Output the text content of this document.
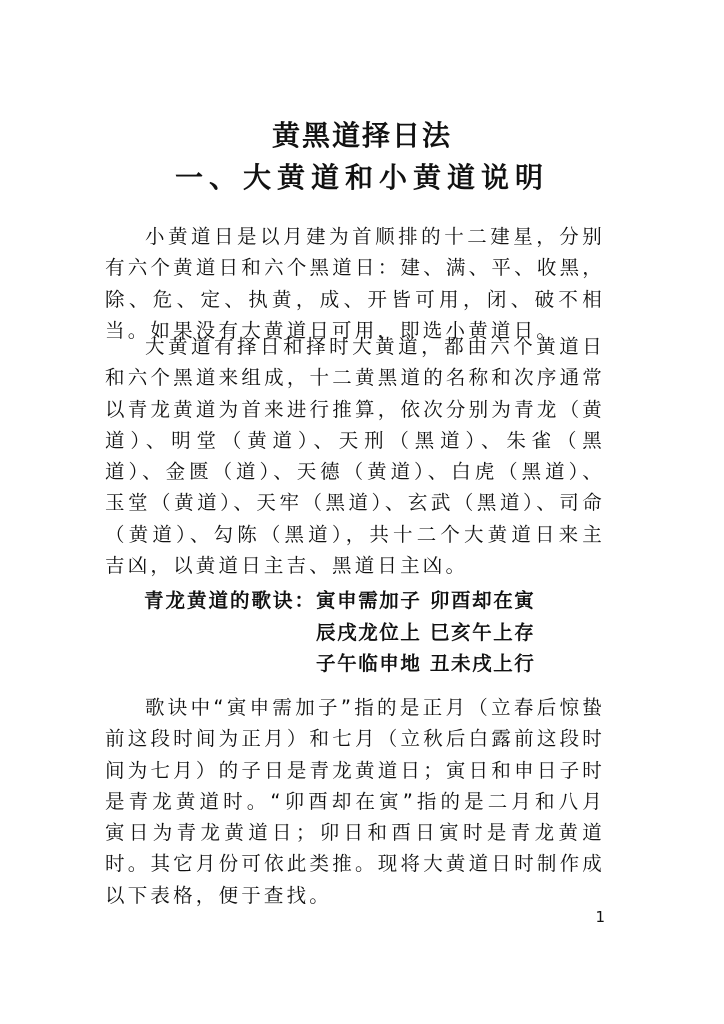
黄黑道择日法
一、大黄道和小黄道说明

小黄道日是以月建为首顺排的十二建星，分别有六个黄道日和六个黑道日：建、满、平、收黑，除、危、定、执黄，成、开皆可用，闭、破不相当。如果没有大黄道日可用，即选小黄道日。

大黄道有择日和择时大黄道，都由六个黄道日和六个黑道来组成，十二黄黑道的名称和次序通常以青龙黄道为首来进行推算，依次分别为青龙（黄道）、明堂（黄道）、天刑（黑道）、朱雀（黑道）、金匮（道）、天德（黄道）、白虎（黑道）、玉堂（黄道）、天牢（黑道）、玄武（黑道）、司命（黄道）、勾陈（黑道），共十二个大黄道日来主吉凶，以黄道日主吉、黑道日主凶。

青龙黄道的歌诀： 寅申需加子 卯酉却在寅
辰戌龙位上 巳亥午上存
子午临申地 丑未戌上行

歌诀中“寅申需加子”指的是正月（立春后惊蛰前这段时间为正月）和七月（立秋后白露前这段时间为七月）的子日是青龙黄道日；寅日和申日子时是青龙黄道时。“卯酉却在寅”指的是二月和八月寅日为青龙黄道日；卯日和酉日寅时是青龙黄道时。其它月份可依此类推。现将大黄道日时制作成以下表格，便于查找。

1
